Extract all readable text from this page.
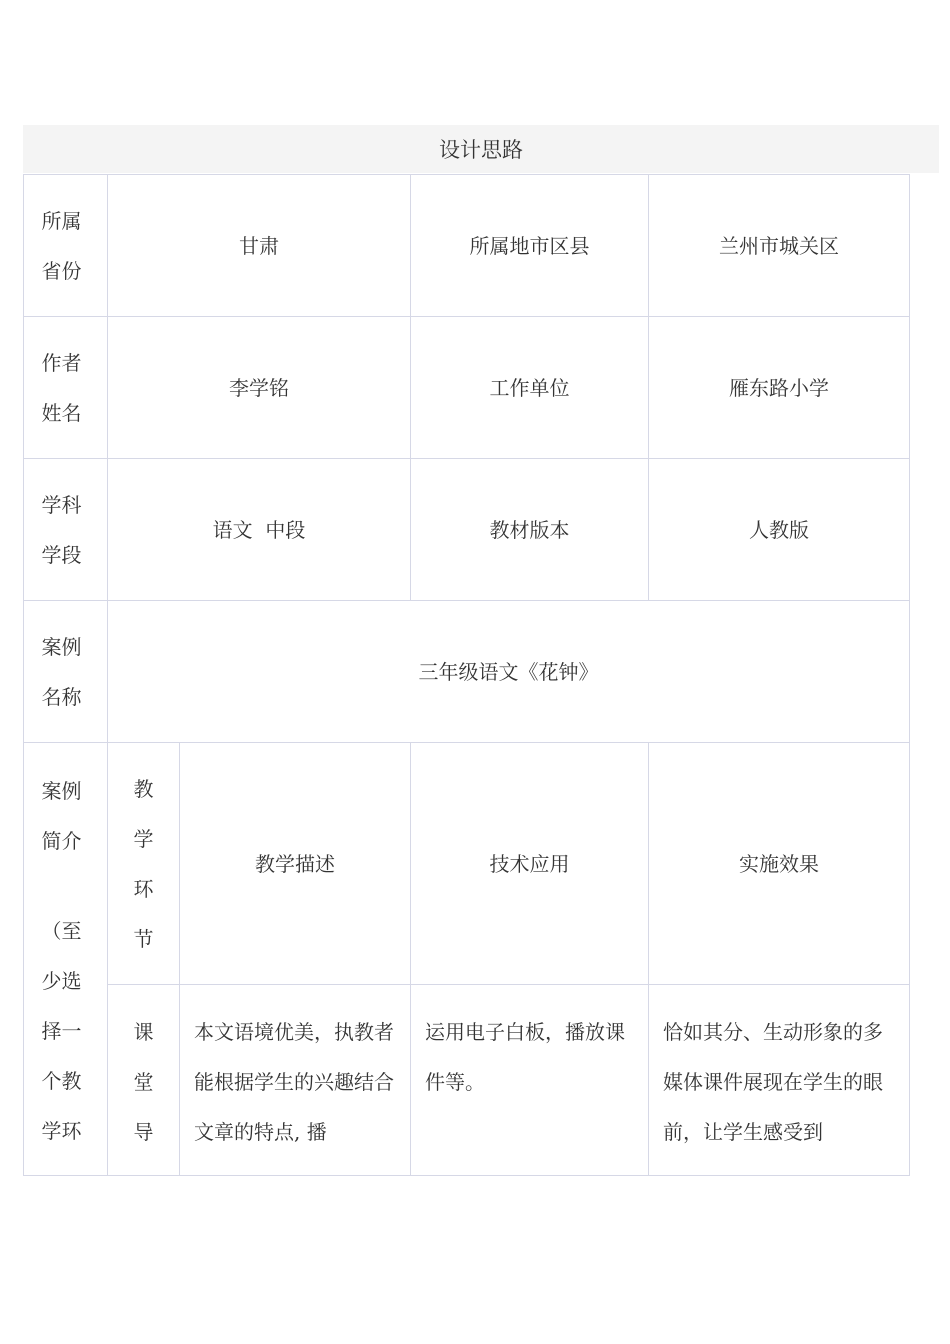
设计思路
所属省份	甘肃		所属地市区县	兰州市城关区

作者姓名	李学铭		工作单位	雁东路小学

学科学段	语文  中段		教材版本	人教版

案例名称	三年级语文《花钟》			

案例简介
（至少选择一个教学环	教学环节	教学描述	技术应用	实施效果

	课堂导	本文语境优美，执教者能根据学生的兴趣结合文章的特点, 播	运用电子白板，播放课件等。	恰如其分、生动形象的多媒体课件展现在学生的眼前，让学生感受到
